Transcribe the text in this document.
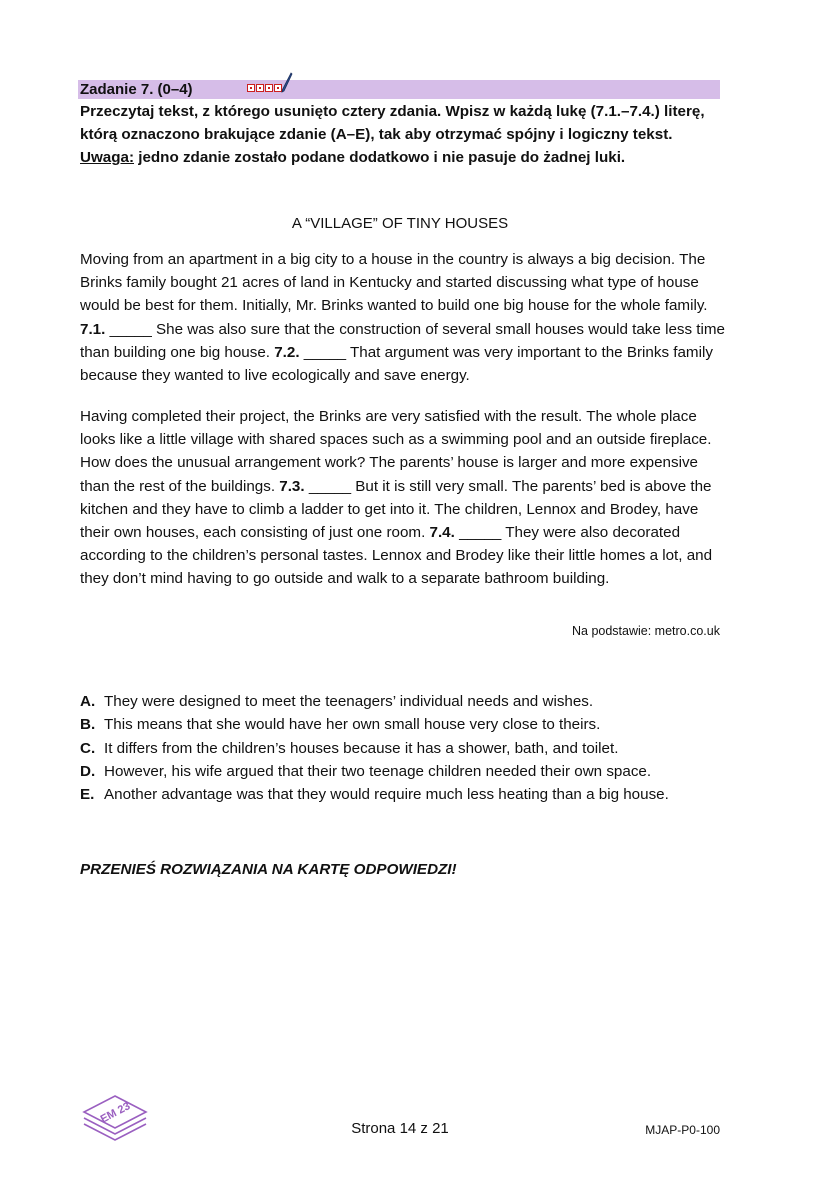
Zadanie 7. (0–4)
Przeczytaj tekst, z którego usunięto cztery zdania. Wpisz w każdą lukę (7.1.–7.4.) literę, którą oznaczono brakujące zdanie (A–E), tak aby otrzymać spójny i logiczny tekst.
Uwaga: jedno zdanie zostało podane dodatkowo i nie pasuje do żadnej luki.
A “VILLAGE” OF TINY HOUSES

Moving from an apartment in a big city to a house in the country is always a big decision. The Brinks family bought 21 acres of land in Kentucky and started discussing what type of house would be best for them. Initially, Mr. Brinks wanted to build one big house for the whole family. 7.1. _____ She was also sure that the construction of several small houses would take less time than building one big house. 7.2. _____ That argument was very important to the Brinks family because they wanted to live ecologically and save energy.

Having completed their project, the Brinks are very satisfied with the result. The whole place looks like a little village with shared spaces such as a swimming pool and an outside fireplace. How does the unusual arrangement work? The parents’ house is larger and more expensive than the rest of the buildings. 7.3. _____ But it is still very small. The parents’ bed is above the kitchen and they have to climb a ladder to get into it. The children, Lennox and Brodey, have their own houses, each consisting of just one room. 7.4. _____ They were also decorated according to the children’s personal tastes. Lennox and Brodey like their little homes a lot, and they don’t mind having to go outside and walk to a separate bathroom building.

Na podstawie: metro.co.uk
A. They were designed to meet the teenagers’ individual needs and wishes.
B. This means that she would have her own small house very close to theirs.
C. It differs from the children’s houses because it has a shower, bath, and toilet.
D. However, his wife argued that their two teenage children needed their own space.
E. Another advantage was that they would require much less heating than a big house.
PRZENIEŚ ROZWIĄZANIA NA KARTĘ ODPOWIEDZI!
EM 23
Strona 14 z 21	MJAP-P0-100
